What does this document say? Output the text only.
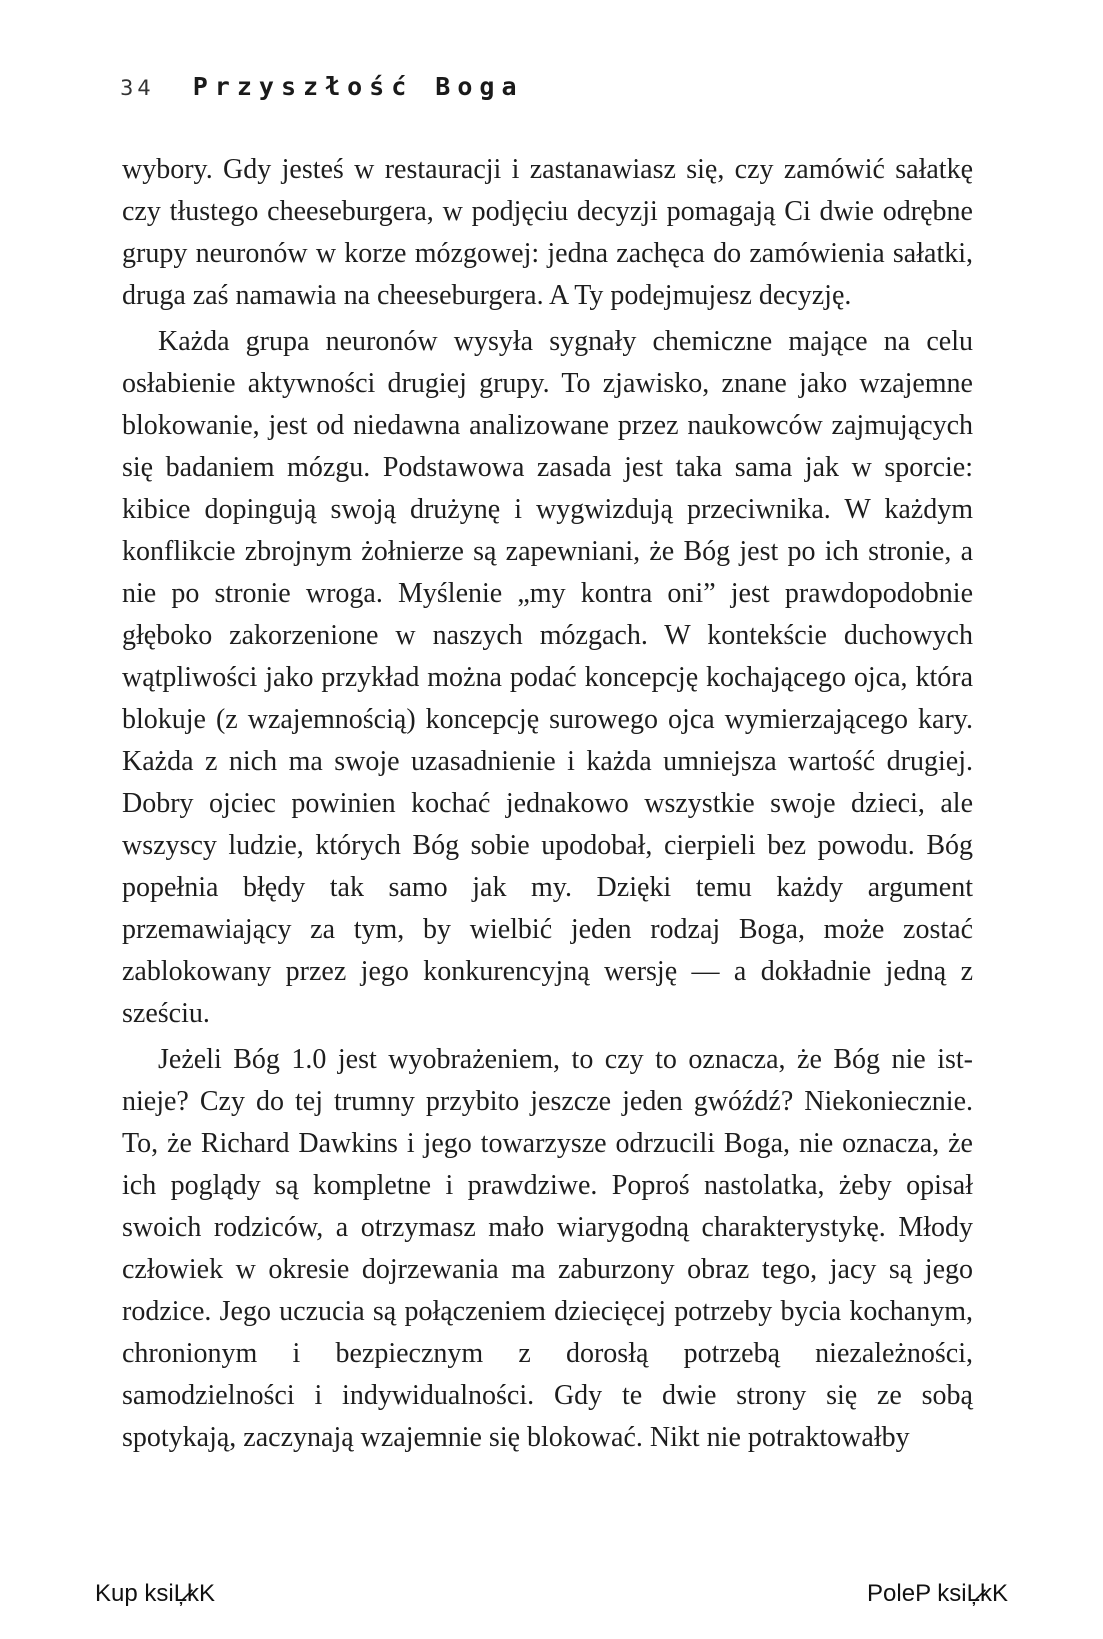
34 Przyszłość Boga

wybory. Gdy jesteś w restauracji i zastanawiasz się, czy zamówić sałatkę czy tłustego cheeseburgera, w podjęciu decyzji pomagają Ci dwie odrębne grupy neuronów w korze mózgowej: jedna zachęca do zamówienia sałatki, druga zaś namawia na cheeseburgera. A Ty podejmujesz decyzję.

Każda grupa neuronów wysyła sygnały chemiczne mające na celu osłabienie aktywności drugiej grupy. To zjawisko, znane jako wzajemne blokowanie, jest od niedawna analizowane przez naukowców zajmujących się badaniem mózgu. Podstawowa zasada jest taka sama jak w sporcie: kibice dopingują swoją drużynę i wygwizdują przeciwnika. W każdym konflikcie zbrojnym żołnierze są zapewniani, że Bóg jest po ich stronie, a nie po stronie wroga. Myślenie „my kontra oni” jest prawdopodobnie głęboko zakorzenione w naszych mózgach. W kontekście duchowych wątpliwości jako przykład można podać koncepcję kochającego ojca, która blokuje (z wzajemnością) koncepcję surowego ojca wymierzającego kary. Każda z nich ma swoje uzasadnienie i każda umniejsza wartość drugiej. Dobry ojciec powinien kochać jednakowo wszystkie swoje dzieci, ale wszyscy ludzie, których Bóg sobie upodobał, cierpieli bez powodu. Bóg popełnia błędy tak samo jak my. Dzięki temu każdy argument przemawiający za tym, by wielbić jeden rodzaj Boga, może zostać zablokowany przez jego konkurencyjną wersję — a dokładnie jedną z sześciu.

Jeżeli Bóg 1.0 jest wyobrażeniem, to czy to oznacza, że Bóg nie istnieje? Czy do tej trumny przybito jeszcze jeden gwóźdź? Niekoniecznie. To, że Richard Dawkins i jego towarzysze odrzucili Boga, nie oznacza, że ich poglądy są kompletne i prawdziwe. Poproś nastolatka, żeby opisał swoich rodziców, a otrzymasz mało wiarygodną charakterystykę. Młody człowiek w okresie dojrzewania ma zaburzony obraz tego, jacy są jego rodzice. Jego uczucia są połączeniem dziecięcej potrzeby bycia kochanym, chronionym i bezpiecznym z dorosłą potrzebą niezależności, samodzielności i indywidualności. Gdy te dwie strony się ze sobą spotykają, zaczynają wzajemnie się blokować. Nikt nie potraktowałby

Kup ksiĻ̷kK	PoleP ksiĻ̷kK
